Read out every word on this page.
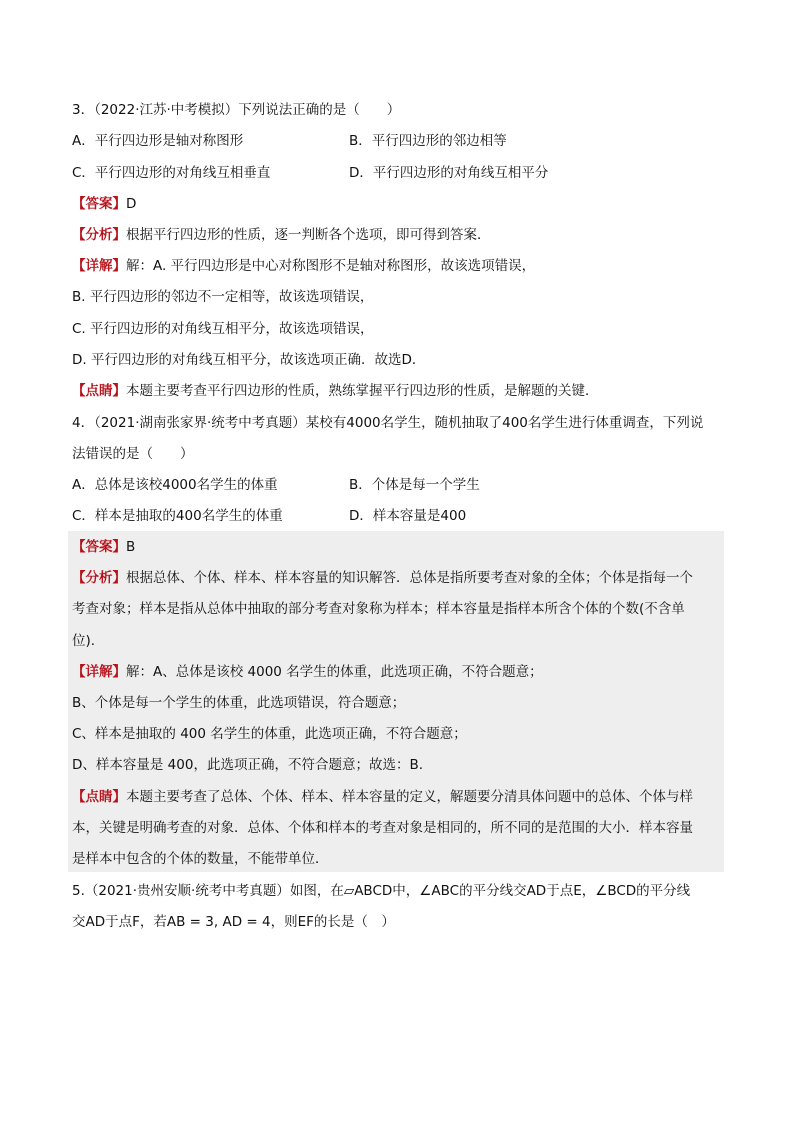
3．（2022·江苏·中考模拟）下列说法正确的是（　　）
A．平行四边形是轴对称图形	B．平行四边形的邻边相等
C．平行四边形的对角线互相垂直	D．平行四边形的对角线互相平分
【答案】D
【分析】根据平行四边形的性质，逐一判断各个选项，即可得到答案．
【详解】解：A. 平行四边形是中心对称图形不是轴对称图形，故该选项错误，
B. 平行四边形的邻边不一定相等，故该选项错误，
C. 平行四边形的对角线互相平分，故该选项错误，
D. 平行四边形的对角线互相平分，故该选项正确．故选D．
【点睛】本题主要考查平行四边形的性质，熟练掌握平行四边形的性质，是解题的关键．
4．（2021·湖南张家界·统考中考真题）某校有4000名学生，随机抽取了400名学生进行体重调查，下列说
法错误的是（　　）
A．总体是该校4000名学生的体重	B．个体是每一个学生
C．样本是抽取的400名学生的体重	D．样本容量是400
【答案】B
【分析】根据总体、个体、样本、样本容量的知识解答．总体是指所要考查对象的全体；个体是指每一个
考查对象；样本是指从总体中抽取的部分考查对象称为样本；样本容量是指样本所含个体的个数(不含单
位).
【详解】解：A、总体是该校 4000 名学生的体重，此选项正确，不符合题意；
B、个体是每一个学生的体重，此选项错误，符合题意；
C、样本是抽取的 400 名学生的体重，此选项正确，不符合题意；
D、样本容量是 400，此选项正确，不符合题意；故选：B.
【点睛】本题主要考查了总体、个体、样本、样本容量的定义，解题要分清具体问题中的总体、个体与样
本，关键是明确考查的对象．总体、个体和样本的考查对象是相同的，所不同的是范围的大小．样本容量
是样本中包含的个体的数量，不能带单位．
5.（2021·贵州安顺·统考中考真题）如图，在▱ABCD中，∠ABC的平分线交AD于点E，∠BCD的平分线
交AD于点F，若AB = 3, AD = 4，则EF的长是（　）
